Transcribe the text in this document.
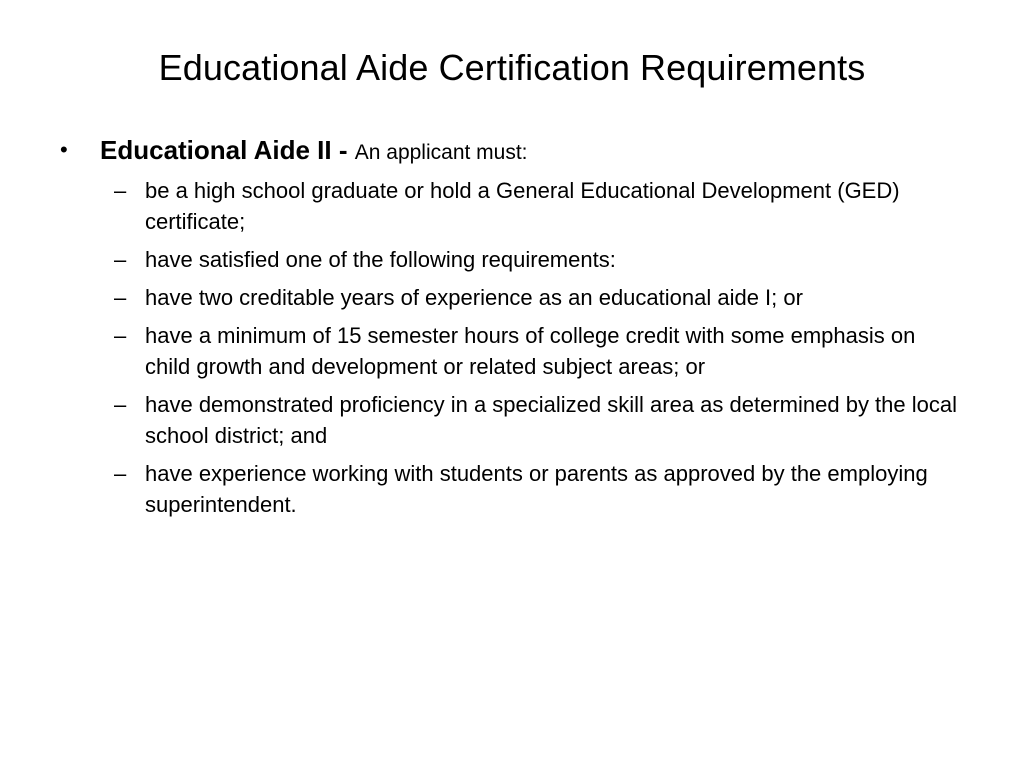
Educational Aide Certification Requirements
• Educational Aide II - An applicant must:
– be a high school graduate or hold a General Educational Development (GED) certificate;
– have satisfied one of the following requirements:
– have two creditable years of experience as an educational aide I; or
– have a minimum of 15 semester hours of college credit with some emphasis on child growth and development or related subject areas; or
– have demonstrated proficiency in a specialized skill area as determined by the local school district; and
– have experience working with students or parents as approved by the employing superintendent.
